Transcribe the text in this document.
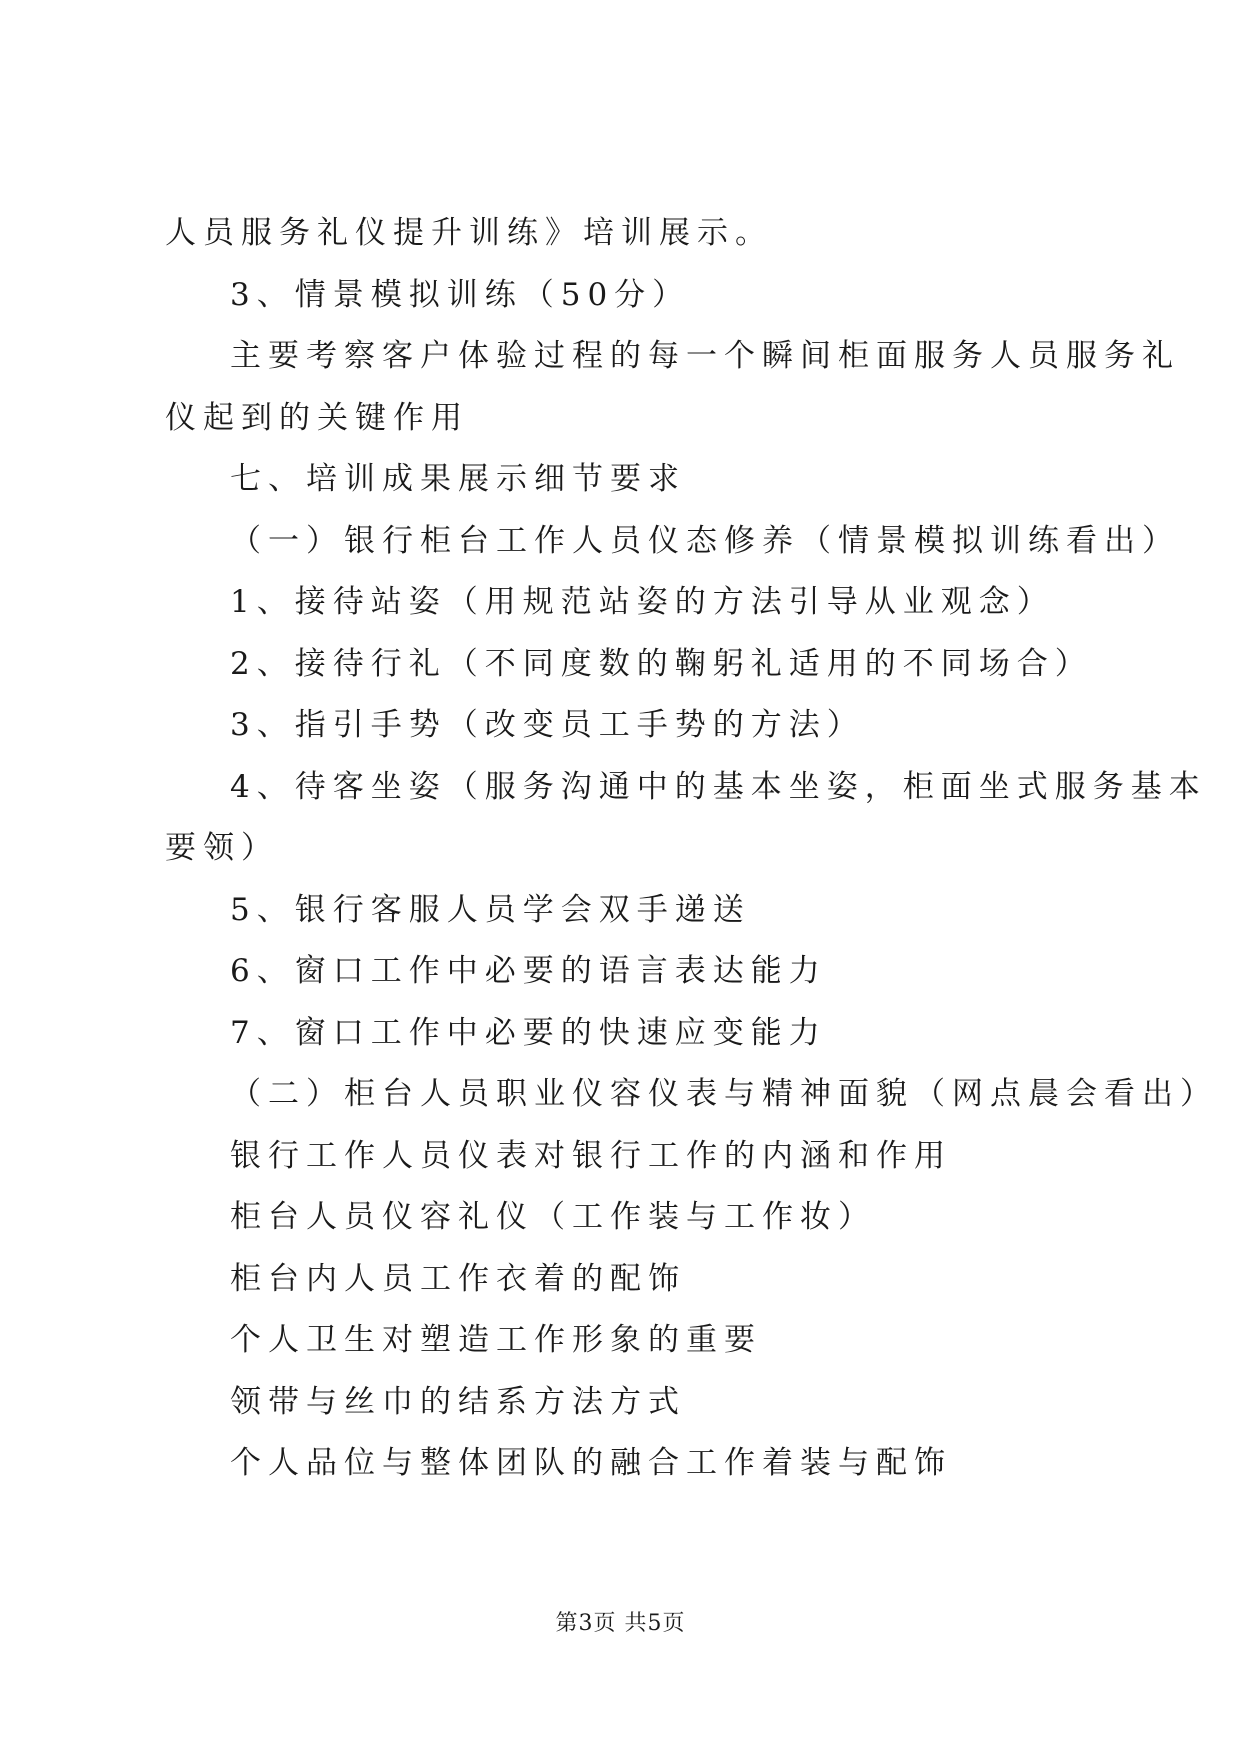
人员服务礼仪提升训练》培训展示。
3、情景模拟训练（50分）
主要考察客户体验过程的每一个瞬间柜面服务人员服务礼
仪起到的关键作用
七、培训成果展示细节要求
（一）银行柜台工作人员仪态修养（情景模拟训练看出）
1、接待站姿（用规范站姿的方法引导从业观念）
2、接待行礼（不同度数的鞠躬礼适用的不同场合）
3、指引手势（改变员工手势的方法）
4、待客坐姿（服务沟通中的基本坐姿，柜面坐式服务基本
要领）
5、银行客服人员学会双手递送
6、窗口工作中必要的语言表达能力
7、窗口工作中必要的快速应变能力
（二）柜台人员职业仪容仪表与精神面貌（网点晨会看出）
银行工作人员仪表对银行工作的内涵和作用
柜台人员仪容礼仪（工作装与工作妆）
柜台内人员工作衣着的配饰
个人卫生对塑造工作形象的重要
领带与丝巾的结系方法方式
个人品位与整体团队的融合工作着装与配饰
第3页 共5页
